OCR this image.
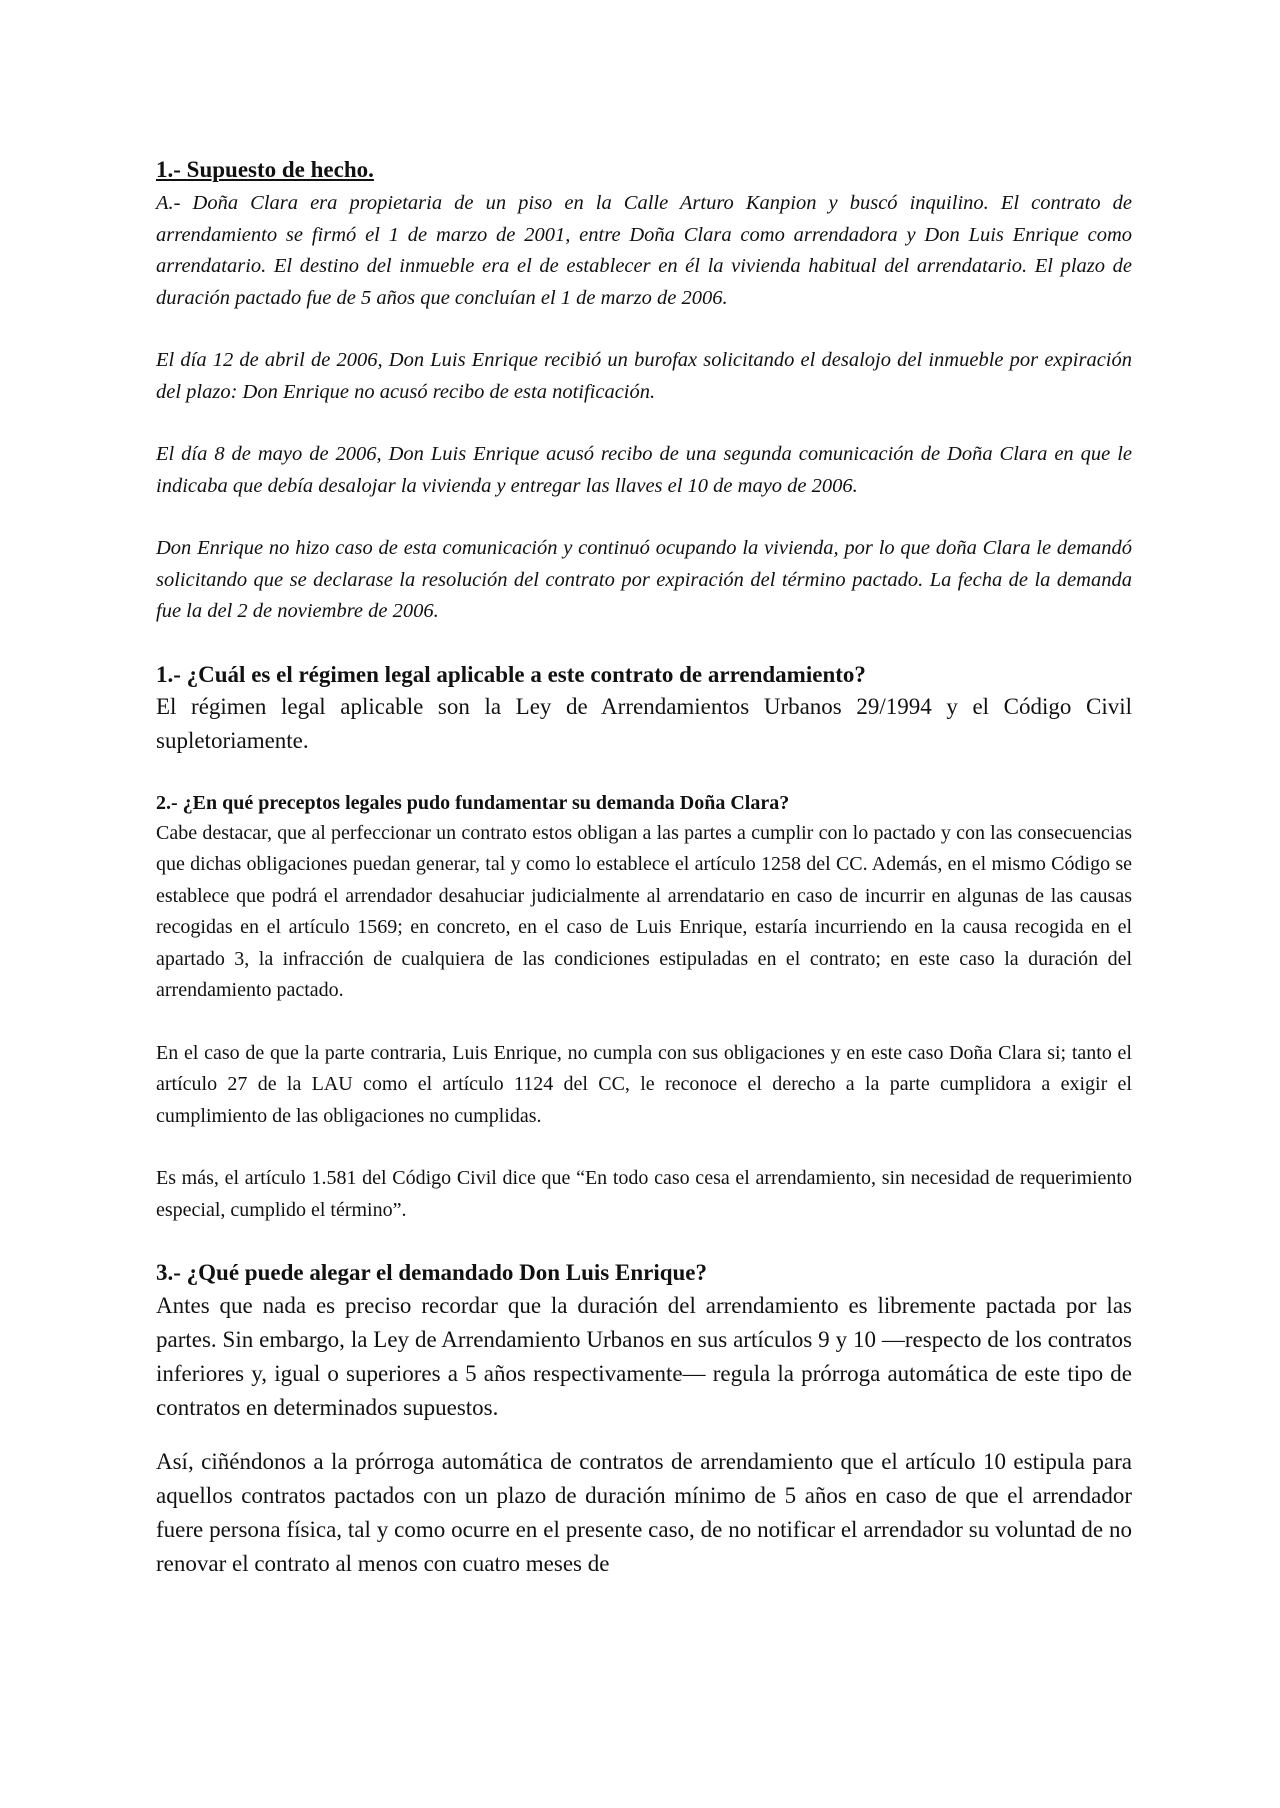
1.- Supuesto de hecho.

A.- Doña Clara era propietaria de un piso en la Calle Arturo Kanpion y buscó inquilino. El contrato de arrendamiento se firmó el 1 de marzo de 2001, entre Doña Clara como arrendadora y Don Luis Enrique como arrendatario. El destino del inmueble era el de establecer en él la vivienda habitual del arrendatario. El plazo de duración pactado fue de 5 años que concluían el 1 de marzo de 2006.

El día 12 de abril de 2006, Don Luis Enrique recibió un burofax solicitando el desalojo del inmueble por expiración del plazo: Don Enrique no acusó recibo de esta notificación.

El día 8 de mayo de 2006, Don Luis Enrique acusó recibo de una segunda comunicación de Doña Clara en que le indicaba que debía desalojar la vivienda y entregar las llaves el 10 de mayo de 2006.

Don Enrique no hizo caso de esta comunicación y continuó ocupando la vivienda, por lo que doña Clara le demandó solicitando que se declarase la resolución del contrato por expiración del término pactado. La fecha de la demanda fue la del 2 de noviembre de 2006.

1.- ¿Cuál es el régimen legal aplicable a este contrato de arrendamiento?

El régimen legal aplicable son la Ley de Arrendamientos Urbanos 29/1994 y el Código Civil supletoriamente.

2.- ¿En qué preceptos legales pudo fundamentar su demanda Doña Clara?

Cabe destacar, que al perfeccionar un contrato estos obligan a las partes a cumplir con lo pactado y con las consecuencias que dichas obligaciones puedan generar, tal y como lo establece el artículo 1258 del CC. Además, en el mismo Código se establece que podrá el arrendador desahuciar judicialmente al arrendatario en caso de incurrir en algunas de las causas recogidas en el artículo 1569; en concreto, en el caso de Luis Enrique, estaría incurriendo en la causa recogida en el apartado 3, la infracción de cualquiera de las condiciones estipuladas en el contrato; en este caso la duración del arrendamiento pactado.

En el caso de que la parte contraria, Luis Enrique, no cumpla con sus obligaciones y en este caso Doña Clara si; tanto el artículo 27 de la LAU como el artículo 1124 del CC, le reconoce el derecho a la parte cumplidora a exigir el cumplimiento de las obligaciones no cumplidas.

Es más, el artículo 1.581 del Código Civil dice que “En todo caso cesa el arrendamiento, sin necesidad de requerimiento especial, cumplido el término”.

3.- ¿Qué puede alegar el demandado Don Luis Enrique?

Antes que nada es preciso recordar que la duración del arrendamiento es libremente pactada por las partes. Sin embargo, la Ley de Arrendamiento Urbanos en sus artículos 9 y 10 —respecto de los contratos inferiores y, igual o superiores a 5 años respectivamente— regula la prórroga automática de este tipo de contratos en determinados supuestos.

Así, ciñéndonos a la prórroga automática de contratos de arrendamiento que el artículo 10 estipula para aquellos contratos pactados con un plazo de duración mínimo de 5 años en caso de que el arrendador fuere persona física, tal y como ocurre en el presente caso, de no notificar el arrendador su voluntad de no renovar el contrato al menos con cuatro meses de
